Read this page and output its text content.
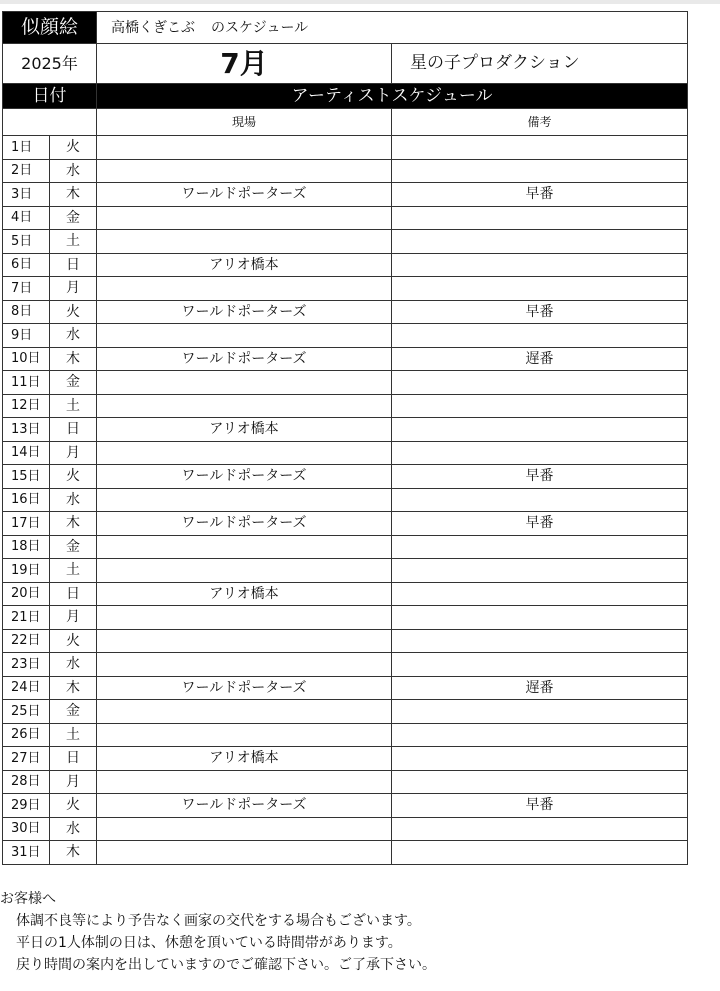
似顔絵		高橋くぎこぶ のスケジュール	
2025年		7月	星の子プロダクション
日付		アーティストスケジュール	
		現場	備考
1日	火		
2日	水		
3日	木	ワールドポーターズ	早番
4日	金		
5日	土		
6日	日	アリオ橋本	
7日	月		
8日	火	ワールドポーターズ	早番
9日	水		
10日	木	ワールドポーターズ	遅番
11日	金		
12日	土		
13日	日	アリオ橋本	
14日	月		
15日	火	ワールドポーターズ	早番
16日	水		
17日	木	ワールドポーターズ	早番
18日	金		
19日	土		
20日	日	アリオ橋本	
21日	月		
22日	火		
23日	水		
24日	木	ワールドポーターズ	遅番
25日	金		
26日	土		
27日	日	アリオ橋本	
28日	月		
29日	火	ワールドポーターズ	早番
30日	水		
31日	木		
お客様へ
体調不良等により予告なく画家の交代をする場合もございます。
平日の1人体制の日は、休憩を頂いている時間帯があります。
戻り時間の案内を出していますのでご確認下さい。ご了承下さい。
